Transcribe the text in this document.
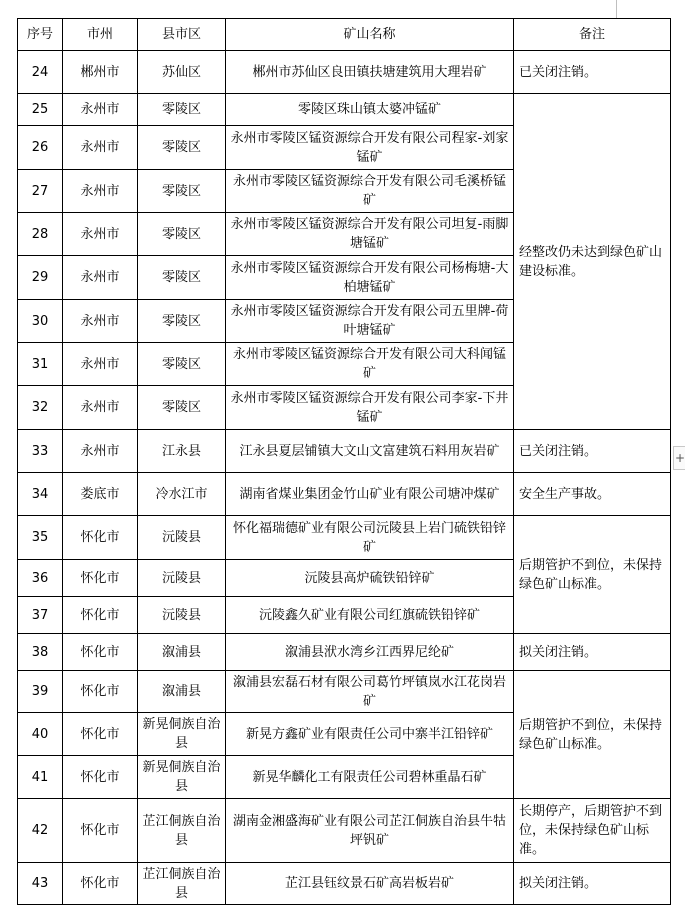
+
序号	市州	县市区	矿山名称	备注
24	郴州市	苏仙区	郴州市苏仙区良田镇扶塘建筑用大理岩矿	已关闭注销。
25	永州市	零陵区	零陵区珠山镇太婆冲锰矿	经整改仍未达到绿色矿山建设标准。
26	永州市	零陵区	永州市零陵区锰资源综合开发有限公司程家-刘家锰矿	
27	永州市	零陵区	永州市零陵区锰资源综合开发有限公司毛溪桥锰矿	
28	永州市	零陵区	永州市零陵区锰资源综合开发有限公司坦复-雨脚塘锰矿	
29	永州市	零陵区	永州市零陵区锰资源综合开发有限公司杨梅塘-大柏塘锰矿	
30	永州市	零陵区	永州市零陵区锰资源综合开发有限公司五里牌-荷叶塘锰矿	
31	永州市	零陵区	永州市零陵区锰资源综合开发有限公司大科闻锰矿	
32	永州市	零陵区	永州市零陵区锰资源综合开发有限公司李家-下井锰矿	
33	永州市	江永县	江永县夏层铺镇大文山文富建筑石料用灰岩矿	已关闭注销。
34	娄底市	冷水江市	湖南省煤业集团金竹山矿业有限公司塘冲煤矿	安全生产事故。
35	怀化市	沅陵县	怀化福瑞德矿业有限公司沅陵县上岩门硫铁铅锌矿	后期管护不到位，未保持绿色矿山标准。
36	怀化市	沅陵县	沅陵县高炉硫铁铅锌矿	
37	怀化市	沅陵县	沅陵鑫久矿业有限公司红旗硫铁铅锌矿	
38	怀化市	溆浦县	溆浦县洑水湾乡江西界尼纶矿	拟关闭注销。
39	怀化市	溆浦县	溆浦县宏磊石材有限公司葛竹坪镇岚水江花岗岩矿	后期管护不到位，未保持绿色矿山标准。
40	怀化市	新晃侗族自治县	新晃方鑫矿业有限责任公司中寨半江铅锌矿	
41	怀化市	新晃侗族自治县	新晃华麟化工有限责任公司碧林重晶石矿	
42	怀化市	芷江侗族自治县	湖南金湘盛海矿业有限公司芷江侗族自治县牛牯坪钒矿	长期停产，后期管护不到位，未保持绿色矿山标准。
43	怀化市	芷江侗族自治县	芷江县钰纹景石矿高岩板岩矿	拟关闭注销。
